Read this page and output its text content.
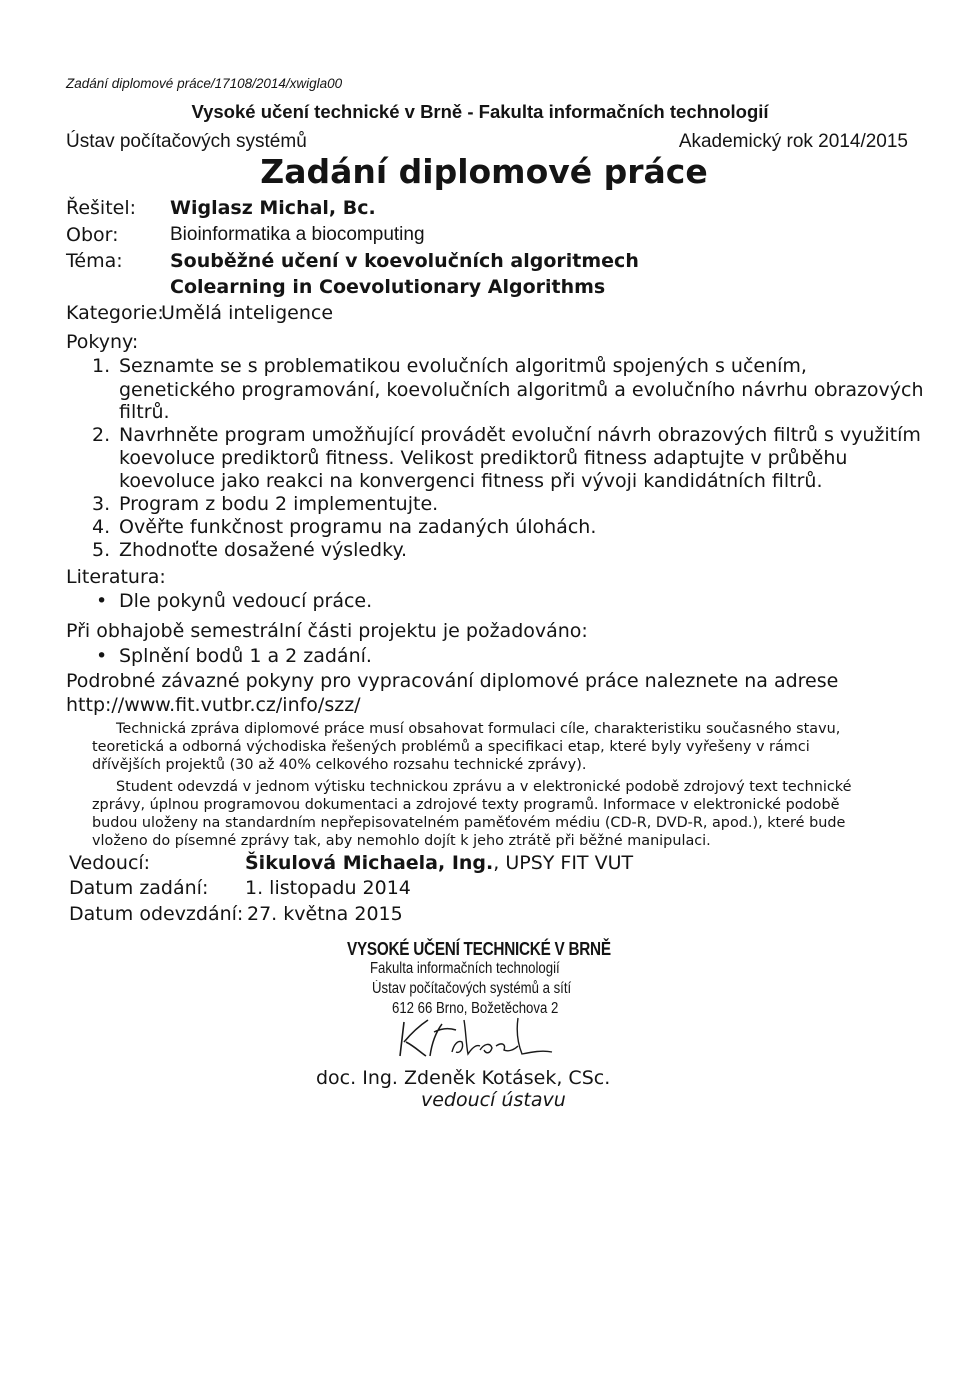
Zadání diplomové práce/17108/2014/xwigla00
Vysoké učení technické v Brně - Fakulta informačních technologií
Ústav počítačových systémů	Akademický rok 2014/2015
Zadání diplomové práce
Řešitel: Wiglasz Michal, Bc.
Obor:	Bioinformatika a biocomputing
Téma: Souběžné učení v koevolučních algoritmech
Colearning in Coevolutionary Algorithms
Kategorie:
Umělá inteligence
Pokyny:
1. Seznamte se s problematikou evolučních algoritmů spojených s učením,
genetického programování, koevolučních algoritmů a evolučního návrhu obrazových
filtrů.
2. Navrhněte program umožňující provádět evoluční návrh obrazových filtrů s využitím
koevoluce prediktorů fitness. Velikost prediktorů fitness adaptujte v průběhu
koevoluce jako reakci na konvergenci fitness při vývoji kandidátních filtrů.
3. Program z bodu 2 implementujte.
4. Ověřte funkčnost programu na zadaných úlohách.
5. Zhodnoťte dosažené výsledky.
Literatura:
• Dle pokynů vedoucí práce.
Při obhajobě semestrální části projektu je požadováno:
• Splnění bodů 1 a 2 zadání.
Podrobné závazné pokyny pro vypracování diplomové práce naleznete na adrese
http://www.fit.vutbr.cz/info/szz/
Technická zpráva diplomové práce musí obsahovat formulaci cíle, charakteristiku současného stavu,
teoretická a odborná východiska řešených problémů a specifikaci etap, které byly vyřešeny v rámci
dřívějších projektů (30 až 40% celkového rozsahu technické zprávy).
Student odevzdá v jednom výtisku technickou zprávu a v elektronické podobě zdrojový text technické
zprávy, úplnou programovou dokumentaci a zdrojové texty programů. Informace v elektronické podobě
budou uloženy na standardním nepřepisovatelném paměťovém médiu (CD-R, DVD-R, apod.), které bude
vloženo do písemné zprávy tak, aby nemohlo dojít k jeho ztrátě při běžné manipulaci.
Vedoucí:	Šikulová Michaela, Ing., UPSY FIT VUT
Datum zadání: 1. listopadu 2014
Datum odevzdání: 27. května 2015
VYSOKÉ UČENÍ TECHNICKÉ V BRNĚ
Fakulta informačních technologií
Ústav počítačových systémů a sítí
612 66 Brno, Božetěchova 2
doc. Ing. Zdeněk Kotásek, CSc.
vedoucí ústavu
